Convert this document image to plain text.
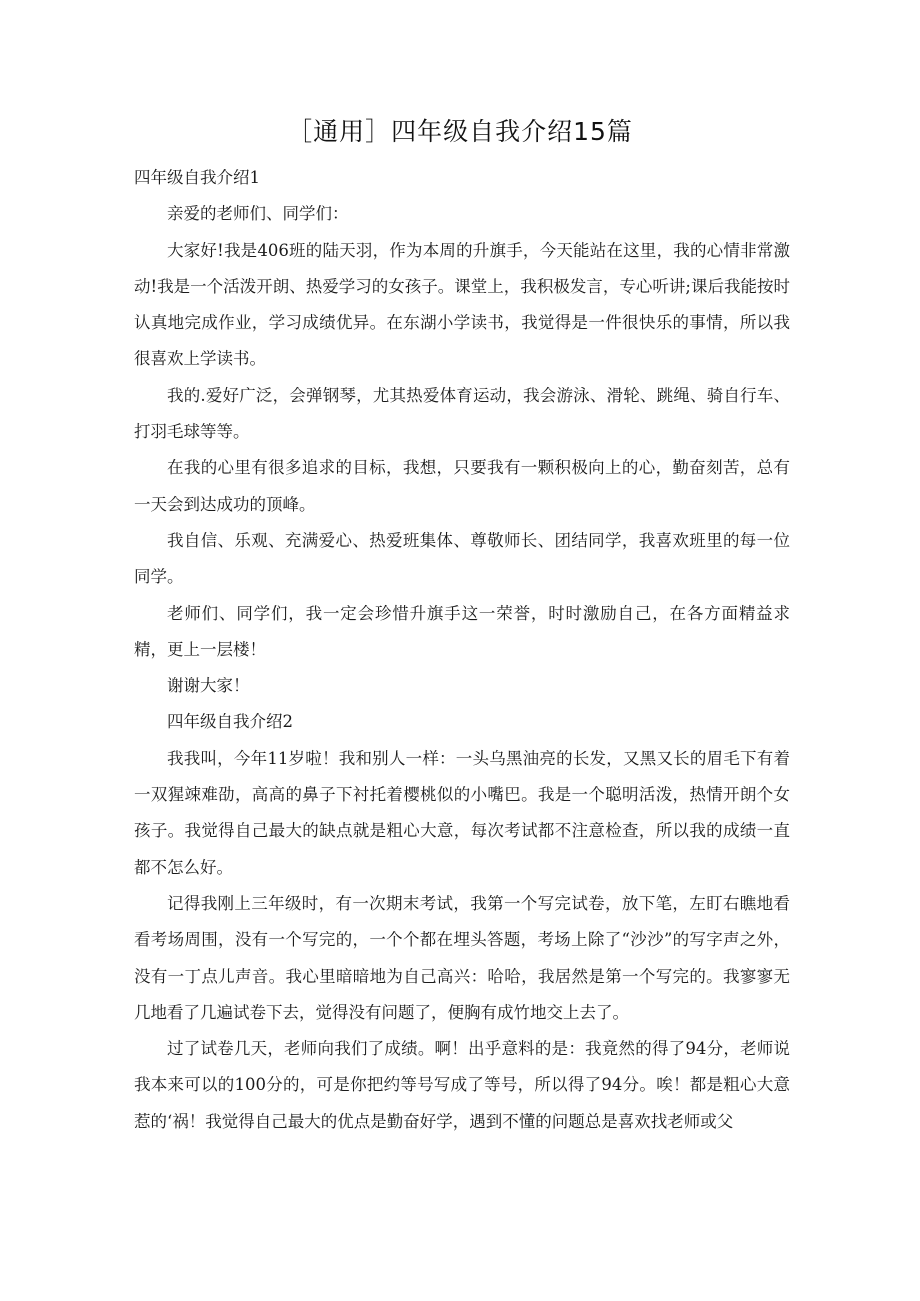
［通用］四年级自我介绍15篇

四年级自我介绍1

亲爱的老师们、同学们：

大家好!我是406班的陆天羽，作为本周的升旗手，今天能站在这里，我的心情非常激动!我是一个活泼开朗、热爱学习的女孩子。课堂上，我积极发言，专心听讲;课后我能按时认真地完成作业，学习成绩优异。在东湖小学读书，我觉得是一件很快乐的事情，所以我很喜欢上学读书。

我的.爱好广泛，会弹钢琴，尤其热爱体育运动，我会游泳、滑轮、跳绳、骑自行车、打羽毛球等等。

在我的心里有很多追求的目标，我想，只要我有一颗积极向上的心，勤奋刻苦，总有一天会到达成功的顶峰。

我自信、乐观、充满爱心、热爱班集体、尊敬师长、团结同学，我喜欢班里的每一位同学。

老师们、同学们，我一定会珍惜升旗手这一荣誉，时时激励自己，在各方面精益求精，更上一层楼！

谢谢大家！

四年级自我介绍2

我我叫，今年11岁啦！我和别人一样：一头乌黑油亮的长发，又黑又长的眉毛下有着一双猩竦难劭，高高的鼻子下衬托着樱桃似的小嘴巴。我是一个聪明活泼，热情开朗个女孩子。我觉得自己最大的缺点就是粗心大意，每次考试都不注意检查，所以我的成绩一直都不怎么好。

记得我刚上三年级时，有一次期末考试，我第一个写完试卷，放下笔，左盯右瞧地看看考场周围，没有一个写完的，一个个都在埋头答题，考场上除了“沙沙”的写字声之外，没有一丁点儿声音。我心里暗暗地为自己高兴：哈哈，我居然是第一个写完的。我寥寥无几地看了几遍试卷下去，觉得没有问题了，便胸有成竹地交上去了。

过了试卷几天，老师向我们了成绩。啊！出乎意料的是：我竟然的得了94分，老师说我本来可以的100分的，可是你把约等号写成了等号，所以得了94分。唉！都是粗心大意惹的‘祸！我觉得自己最大的优点是勤奋好学，遇到不懂的问题总是喜欢找老师或父
